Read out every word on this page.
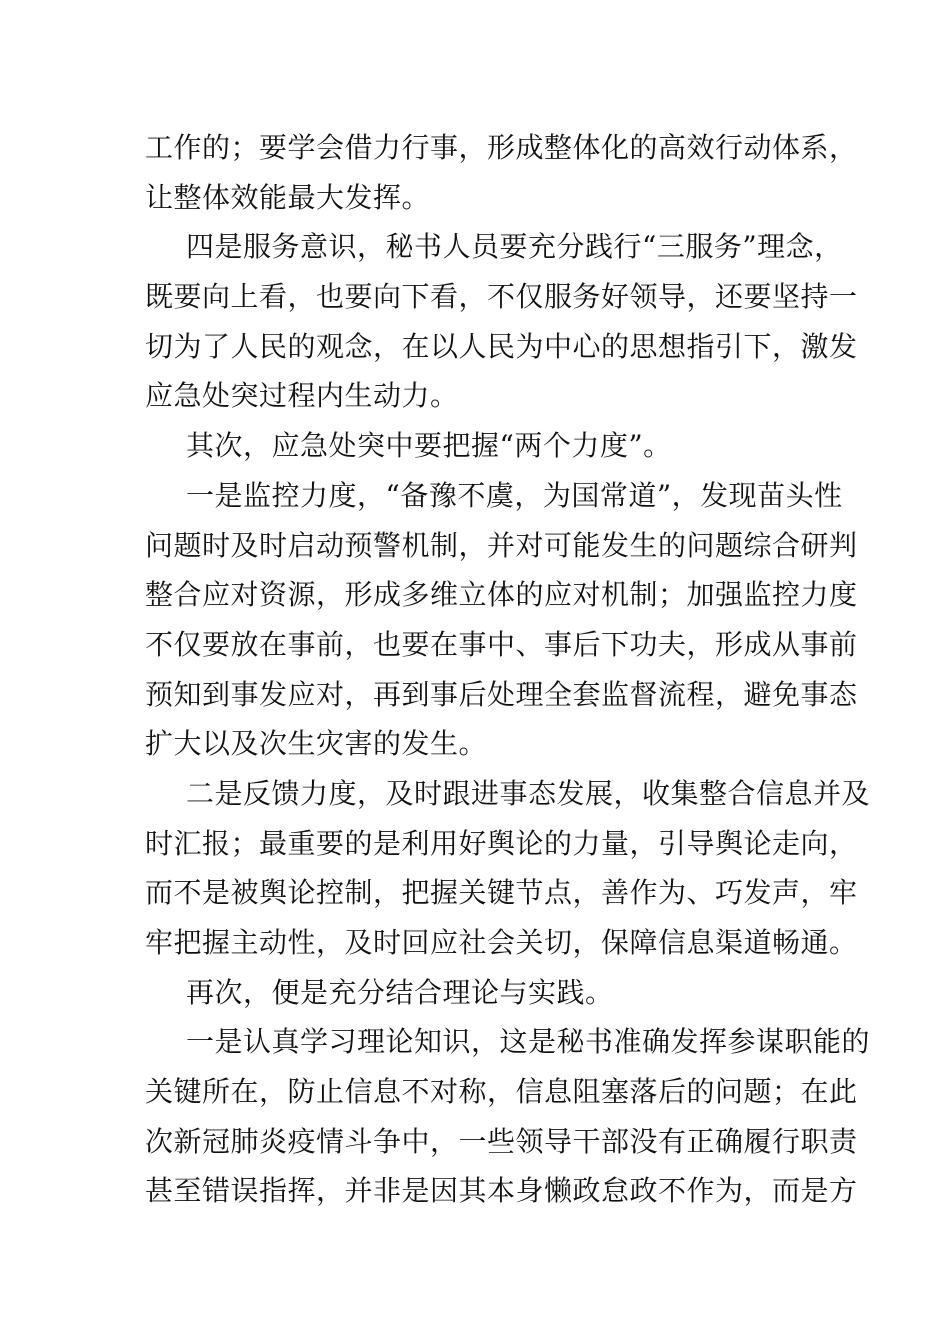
工作的；要学会借力行事，形成整体化的高效行动体系，
让整体效能最大发挥。
四是服务意识，秘书人员要充分践行“三服务”理念，
既要向上看，也要向下看，不仅服务好领导，还要坚持一
切为了人民的观念，在以人民为中心的思想指引下，激发
应急处突过程内生动力。
其次，应急处突中要把握“两个力度”。
一是监控力度，“备豫不虞，为国常道”，发现苗头性
问题时及时启动预警机制，并对可能发生的问题综合研判
整合应对资源，形成多维立体的应对机制；加强监控力度
不仅要放在事前，也要在事中、事后下功夫，形成从事前
预知到事发应对，再到事后处理全套监督流程，避免事态
扩大以及次生灾害的发生。
二是反馈力度，及时跟进事态发展，收集整合信息并及
时汇报；最重要的是利用好舆论的力量，引导舆论走向，
而不是被舆论控制，把握关键节点，善作为、巧发声，牢
牢把握主动性，及时回应社会关切，保障信息渠道畅通。
再次，便是充分结合理论与实践。
一是认真学习理论知识，这是秘书准确发挥参谋职能的
关键所在，防止信息不对称，信息阻塞落后的问题；在此
次新冠肺炎疫情斗争中，一些领导干部没有正确履行职责
甚至错误指挥，并非是因其本身懒政怠政不作为，而是方
